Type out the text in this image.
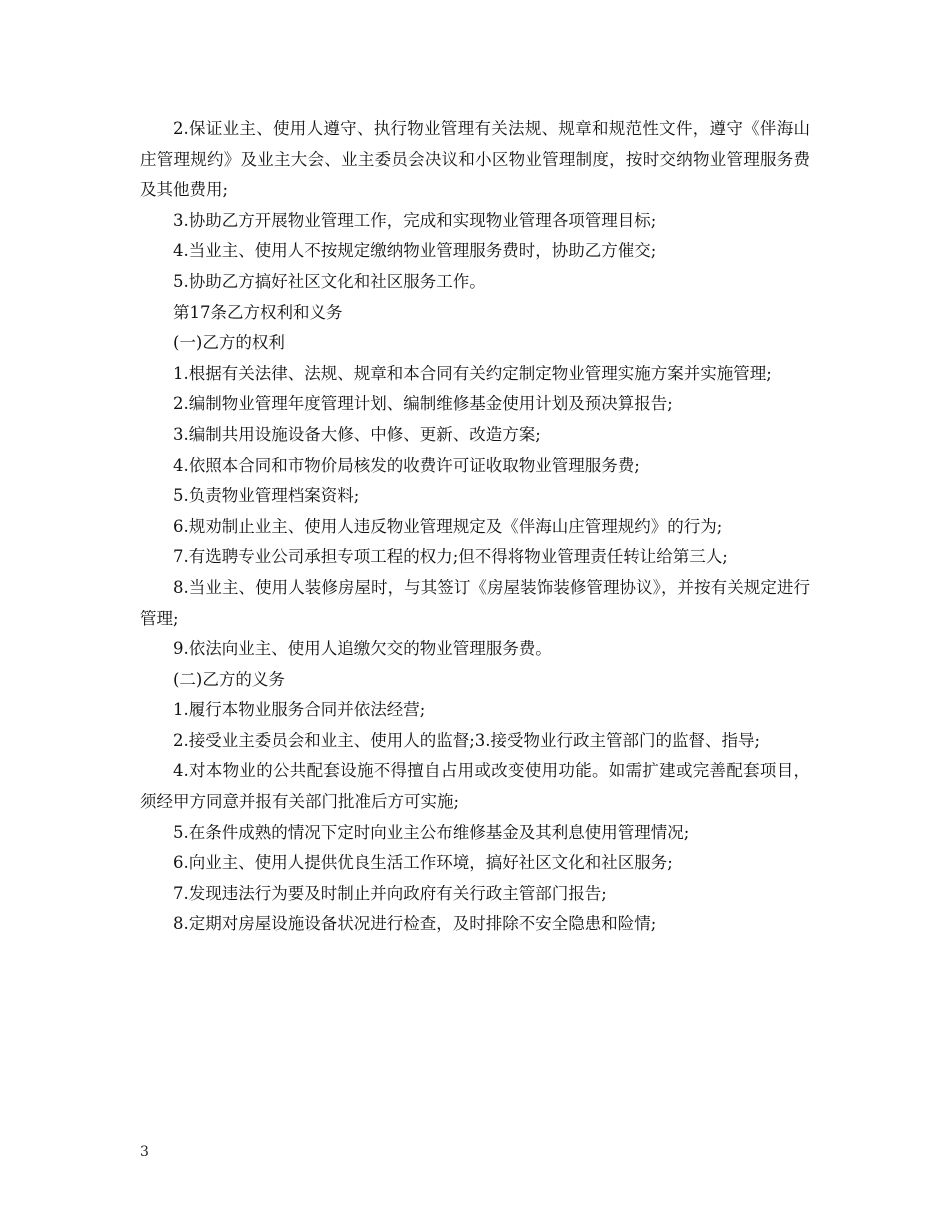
2.保证业主、使用人遵守、执行物业管理有关法规、规章和规范性文件，遵守《伴海山庄管理规约》及业主大会、业主委员会决议和小区物业管理制度，按时交纳物业管理服务费及其他费用;

3.协助乙方开展物业管理工作，完成和实现物业管理各项管理目标;

4.当业主、使用人不按规定缴纳物业管理服务费时，协助乙方催交;

5.协助乙方搞好社区文化和社区服务工作。

第17条乙方权利和义务

(一)乙方的权利

1.根据有关法律、法规、规章和本合同有关约定制定物业管理实施方案并实施管理;

2.编制物业管理年度管理计划、编制维修基金使用计划及预决算报告;

3.编制共用设施设备大修、中修、更新、改造方案;

4.依照本合同和市物价局核发的收费许可证收取物业管理服务费;

5.负责物业管理档案资料;

6.规劝制止业主、使用人违反物业管理规定及《伴海山庄管理规约》的行为;

7.有选聘专业公司承担专项工程的权力;但不得将物业管理责任转让给第三人;

8.当业主、使用人装修房屋时，与其签订《房屋装饰装修管理协议》，并按有关规定进行管理;

9.依法向业主、使用人追缴欠交的物业管理服务费。

(二)乙方的义务

1.履行本物业服务合同并依法经营;

2.接受业主委员会和业主、使用人的监督;3.接受物业行政主管部门的监督、指导;

4.对本物业的公共配套设施不得擅自占用或改变使用功能。如需扩建或完善配套项目，须经甲方同意并报有关部门批准后方可实施;

5.在条件成熟的情况下定时向业主公布维修基金及其利息使用管理情况;

6.向业主、使用人提供优良生活工作环境，搞好社区文化和社区服务;

7.发现违法行为要及时制止并向政府有关行政主管部门报告;

8.定期对房屋设施设备状况进行检查，及时排除不安全隐患和险情;

3
